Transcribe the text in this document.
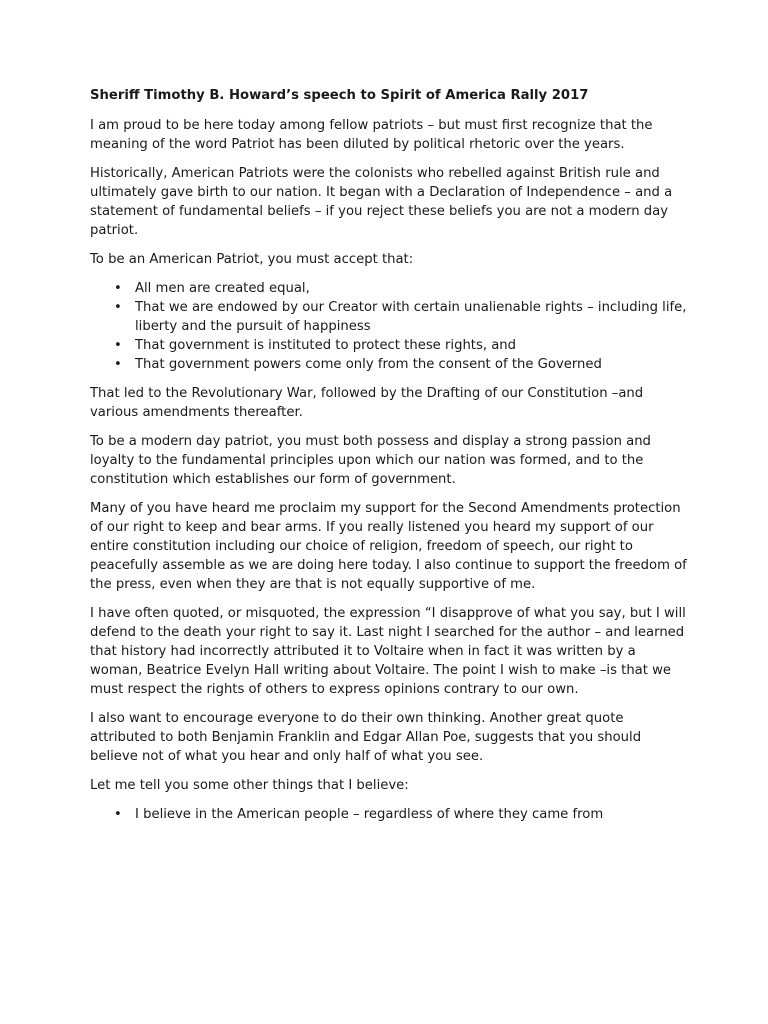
Sheriff Timothy B. Howard’s speech to Spirit of America Rally 2017

I am proud to be here today among fellow patriots – but must first recognize that the meaning of the word Patriot has been diluted by political rhetoric over the years.

Historically, American Patriots were the colonists who rebelled against British rule and ultimately gave birth to our nation. It began with a Declaration of Independence – and a statement of fundamental beliefs – if you reject these beliefs you are not a modern day patriot.

To be an American Patriot, you must accept that:

• All men are created equal,
• That we are endowed by our Creator with certain unalienable rights – including life, liberty and the pursuit of happiness
• That government is instituted to protect these rights, and
• That government powers come only from the consent of the Governed

That led to the Revolutionary War, followed by the Drafting of our Constitution –and various amendments thereafter.

To be a modern day patriot, you must both possess and display a strong passion and loyalty to the fundamental principles upon which our nation was formed, and to the constitution which establishes our form of government.

Many of you have heard me proclaim my support for the Second Amendments protection of our right to keep and bear arms. If you really listened you heard my support of our entire constitution including our choice of religion, freedom of speech, our right to peacefully assemble as we are doing here today. I also continue to support the freedom of the press, even when they are that is not equally supportive of me.

I have often quoted, or misquoted, the expression “I disapprove of what you say, but I will defend to the death your right to say it. Last night I searched for the author – and learned that history had incorrectly attributed it to Voltaire when in fact it was written by a woman, Beatrice Evelyn Hall writing about Voltaire. The point I wish to make –is that we must respect the rights of others to express opinions contrary to our own.

I also want to encourage everyone to do their own thinking. Another great quote attributed to both Benjamin Franklin and Edgar Allan Poe, suggests that you should believe not of what you hear and only half of what you see.

Let me tell you some other things that I believe:

• I believe in the American people – regardless of where they came from
